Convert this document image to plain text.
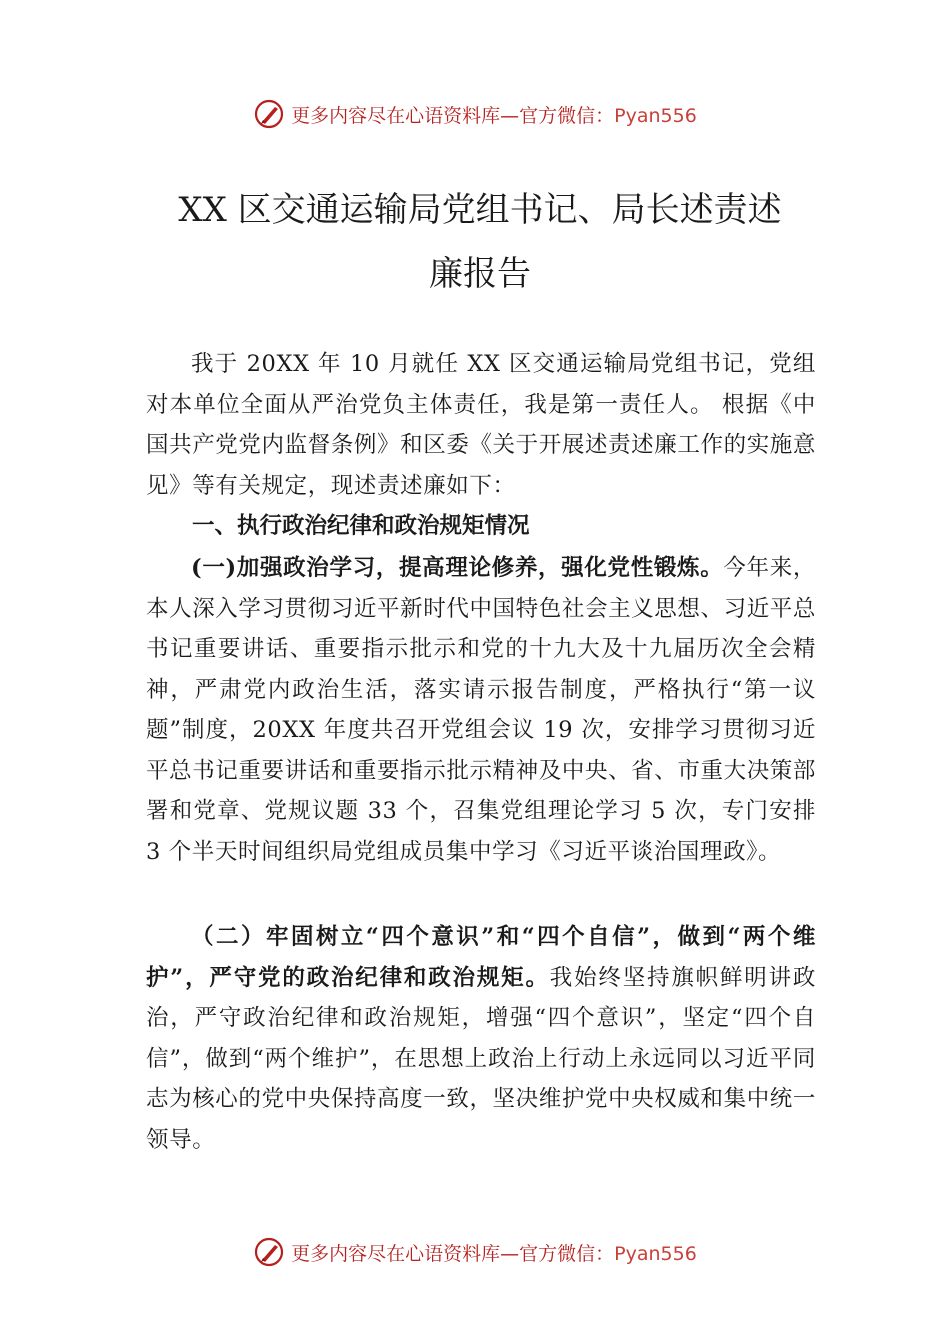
更多内容尽在心语资料库—官方微信：Pyan556
XX 区交通运输局党组书记、局长述责述
廉报告
我于 20XX 年 10 月就任 XX 区交通运输局党组书记，党组对本单位全面从严治党负主体责任，我是第一责任人。 根据《中国共产党党内监督条例》和区委《关于开展述责述廉工作的实施意见》等有关规定，现述责述廉如下：
一、执行政治纪律和政治规矩情况
(一)加强政治学习，提高理论修养，强化党性锻炼。今年来，本人深入学习贯彻习近平新时代中国特色社会主义思想、习近平总书记重要讲话、重要指示批示和党的十九大及十九届历次全会精神，严肃党内政治生活，落实请示报告制度，严格执行“第一议题”制度，20XX 年度共召开党组会议 19 次，安排学习贯彻习近平总书记重要讲话和重要指示批示精神及中央、省、市重大决策部署和党章、党规议题 33 个，召集党组理论学习 5 次，专门安排 3 个半天时间组织局党组成员集中学习《习近平谈治国理政》。
（二）牢固树立“四个意识”和“四个自信”，做到“两个维护”，严守党的政治纪律和政治规矩。我始终坚持旗帜鲜明讲政治，严守政治纪律和政治规矩，增强“四个意识”，坚定“四个自信”，做到“两个维护”，在思想上政治上行动上永远同以习近平同志为核心的党中央保持高度一致，坚决维护党中央权威和集中统一领导。
更多内容尽在心语资料库—官方微信：Pyan556
